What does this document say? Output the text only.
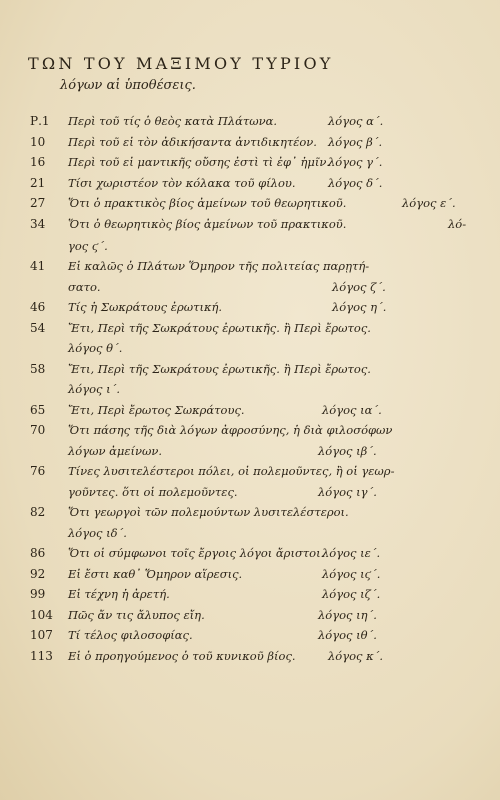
ΤΩΝ ΤΟΥ ΜΑΞΙΜΟΥ ΤΥΡΙΟΥ
λόγων αἱ ὑποθέσεις.
Ρ.1	Περὶ τοῦ τίς ὁ θεὸς κατὰ Πλάτωνα.	λόγος α΄.
10	Περὶ τοῦ εἰ τὸν ἀδικήσαντα ἀντιδικητέον. λόγος β΄.
16	Περὶ τοῦ εἰ μαντικῆς οὔσης ἐστὶ τὶ ἐφ᾽ ἡμῖν.
λόγος γ΄.
21	Τίσι χωριστέον τὸν κόλακα τοῦ φίλου.	λόγος δ΄.
27	Ὅτι ὁ πρακτικὸς βίος ἀμείνων τοῦ θεωρητικοῦ.	λόγος ε΄.
34	Ὅτι ὁ θεωρητικὸς βίος ἀμείνων τοῦ πρακτικοῦ.	λό-
γος ϛ΄.
41	Εἰ καλῶς ὁ Πλάτων Ὅμηρον τῆς πολιτείας παρῃτή-
σατο.	λόγος ζ΄.
46	Τίς ἡ Σωκράτους ἐρωτική.	λόγος η΄.
54	Ἔτι, Περὶ τῆς Σωκράτους ἐρωτικῆς. ἢ Περὶ ἔρωτος.
λόγος θ΄.
58	Ἔτι, Περὶ τῆς Σωκράτους ἐρωτικῆς. ἢ Περὶ ἔρωτος.
λόγος ι΄.
65	Ἔτι, Περὶ ἔρωτος Σωκράτους.	λόγος ια΄.
70	Ὅτι πάσης τῆς διὰ λόγων ἀφροσύνης, ἡ διὰ φιλοσόφων
λόγων ἀμείνων.	λόγος ιβ΄.
76	Τίνες λυσιτελέστεροι πόλει, οἱ πολεμοῦντες, ἢ οἱ γεωρ-
γοῦντες. ὅτι οἱ πολεμοῦντες.	λόγος ιγ΄.
82	Ὅτι γεωργοὶ τῶν πολεμούντων λυσιτελέστεροι.
λόγος ιδ΄.
86	Ὅτι οἱ σύμφωνοι τοῖς ἔργοις λόγοι ἄριστοι.
λόγος ιε΄.
92	Εἰ ἔστι καθ᾽ Ὅμηρον αἵρεσις.	λόγος ιϛ΄.
99	Εἰ τέχνη ἡ ἀρετή.	λόγος ιζ΄.
104	Πῶς ἄν τις ἄλυπος εἴη.	λόγος ιη΄.
107	Τί τέλος φιλοσοφίας.	λόγος ιθ΄.
113	Εἰ ὁ προηγούμενος ὁ τοῦ κυνικοῦ βίος.	λόγος κ΄.
